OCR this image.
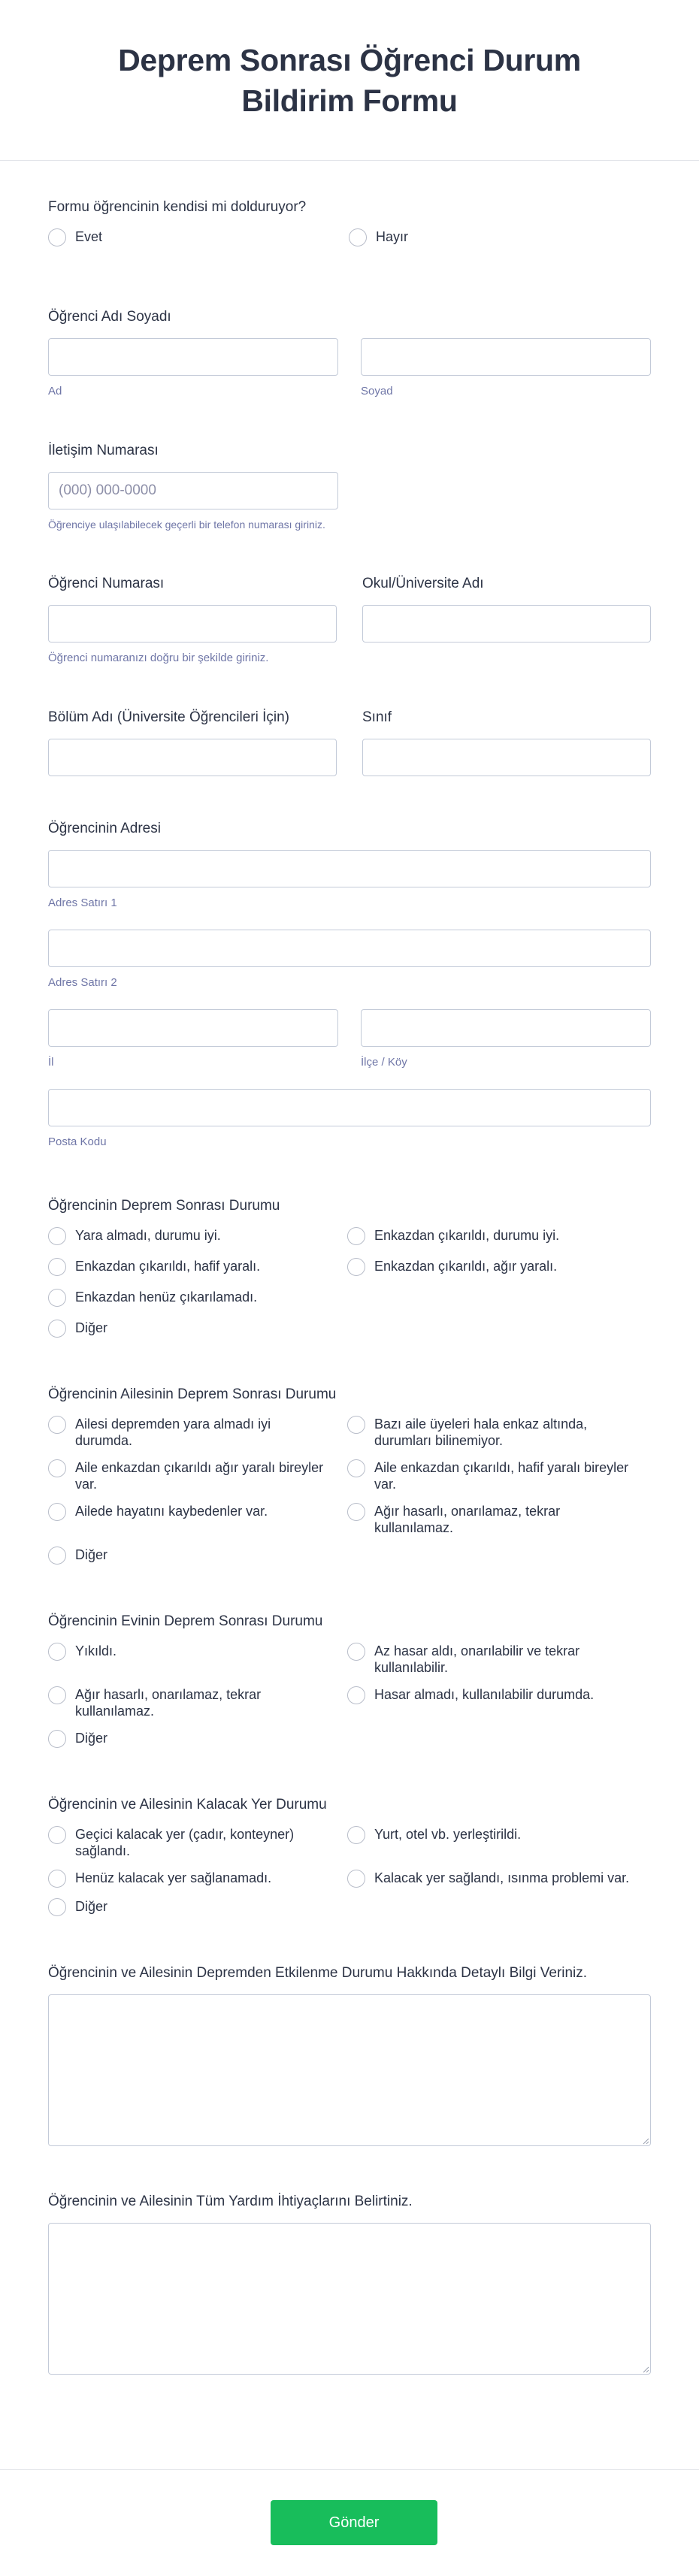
Deprem Sonrası Öğrenci Durum Bildirim Formu
Formu öğrencinin kendisi mi dolduruyor?
Evet	Hayır
Öğrenci Adı Soyadı
Ad	Soyad
İletişim Numarası
(000) 000-0000
Öğrenciye ulaşılabilecek geçerli bir telefon numarası giriniz.
Öğrenci Numarası
Öğrenci numaranızı doğru bir şekilde giriniz.
Okul/Üniversite Adı
Bölüm Adı (Üniversite Öğrencileri İçin)	Sınıf
Öğrencinin Adresi
Adres Satırı 1
Adres Satırı 2
İl	İlçe / Köy
Posta Kodu
Öğrencinin Deprem Sonrası Durumu
Yara almadı, durumu iyi.	Enkazdan çıkarıldı, durumu iyi.
Enkazdan çıkarıldı, hafif yaralı.	Enkazdan çıkarıldı, ağır yaralı.
Enkazdan henüz çıkarılamadı.
Diğer
Öğrencinin Ailesinin Deprem Sonrası Durumu
Ailesi depremden yara almadı iyi durumda.
Bazı aile üyeleri hala enkaz altında, durumları bilinemiyor.
Aile enkazdan çıkarıldı ağır yaralı bireyler var.
Aile enkazdan çıkarıldı, hafif yaralı bireyler var.
Ailede hayatını kaybedenler var.	Ağır hasarlı, onarılamaz, tekrar kullanılamaz.
Diğer
Öğrencinin Evinin Deprem Sonrası Durumu
Yıkıldı.	Az hasar aldı, onarılabilir ve tekrar kullanılabilir.
Ağır hasarlı, onarılamaz, tekrar kullanılamaz.
Hasar almadı, kullanılabilir durumda.
Diğer
Öğrencinin ve Ailesinin Kalacak Yer Durumu
Geçici kalacak yer (çadır, konteyner) sağlandı.
Yurt, otel vb. yerleştirildi.
Henüz kalacak yer sağlanamadı.	Kalacak yer sağlandı, ısınma problemi var.
Diğer
Öğrencinin ve Ailesinin Depremden Etkilenme Durumu Hakkında Detaylı Bilgi Veriniz.
Öğrencinin ve Ailesinin Tüm Yardım İhtiyaçlarını Belirtiniz.
Gönder
